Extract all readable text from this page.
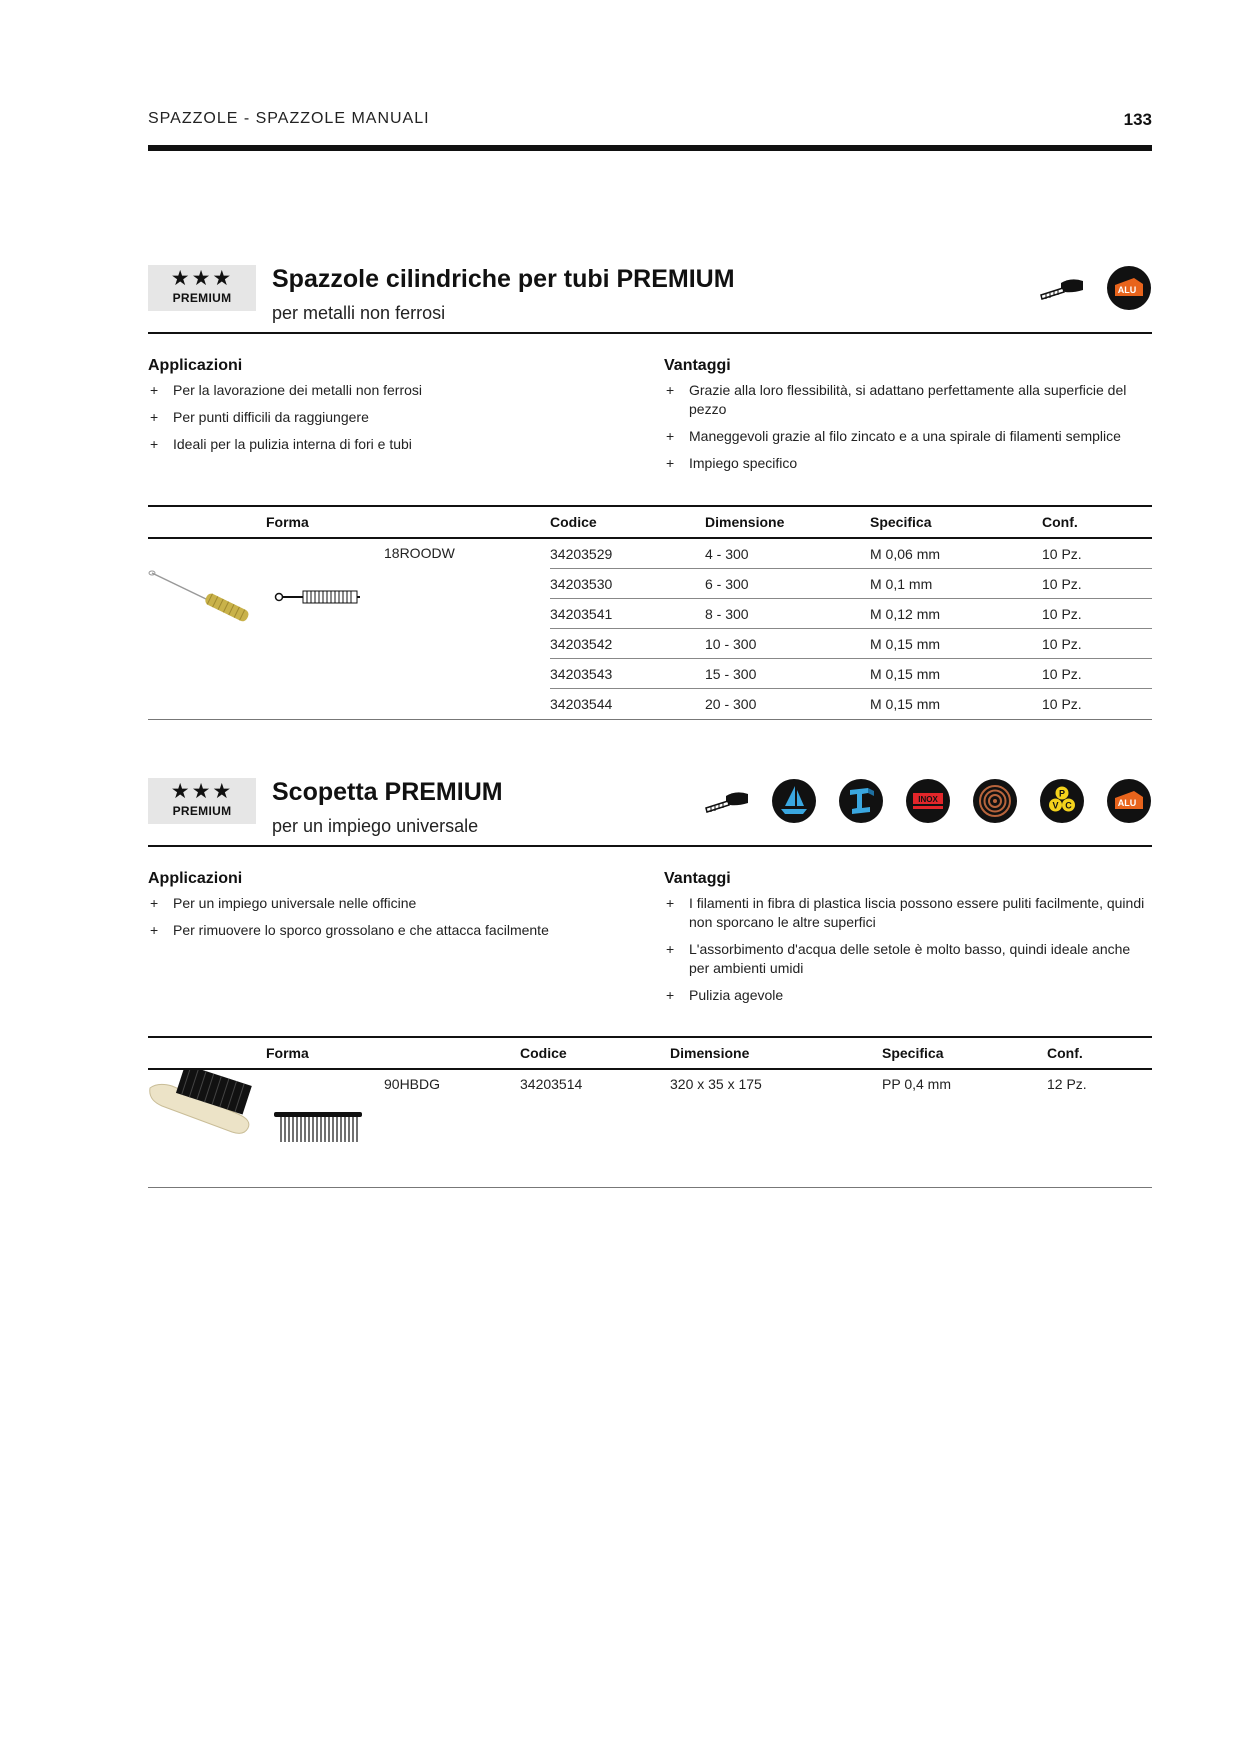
SPAZZOLE - SPAZZOLE MANUALI	133
★★★
PREMIUM
Spazzole cilindriche per tubi PREMIUM
per metalli non ferrosi
ALU
Applicazioni
+ Per la lavorazione dei metalli non ferrosi
+ Per punti difficili da raggiungere
+ Ideali per la pulizia interna di fori e tubi
Vantaggi
+ Grazie alla loro flessibilità, si adattano perfettamente alla superficie del pezzo
+ Maneggevoli grazie al filo zincato e a una spirale di filamenti semplice
+ Impiego specifico
Forma		Codice	Dimensione	Specifica	Conf.
	18ROODW	34203529	4 - 300	M 0,06 mm	10 Pz.
		34203530	6 - 300	M 0,1 mm	10 Pz.
		34203541	8 - 300	M 0,12 mm	10 Pz.
		34203542	10 - 300	M 0,15 mm	10 Pz.
		34203543	15 - 300	M 0,15 mm	10 Pz.
		34203544	20 - 300	M 0,15 mm	10 Pz.
★★★
PREMIUM
Scopetta PREMIUM
per un impiego universale
INOX
P
V C	ALU
Applicazioni
+ Per un impiego universale nelle officine
+ Per rimuovere lo sporco grossolano e che attacca facilmente
Vantaggi
+ I filamenti in fibra di plastica liscia possono essere puliti facilmente, quindi non sporcano le altre superfici
+ L'assorbimento d'acqua delle setole è molto basso, quindi ideale anche per ambienti umidi
+ Pulizia agevole
Forma		Codice	Dimensione	Specifica	Conf.
	90HBDG	34203514	320 x 35 x 175	PP 0,4 mm	12 Pz.
